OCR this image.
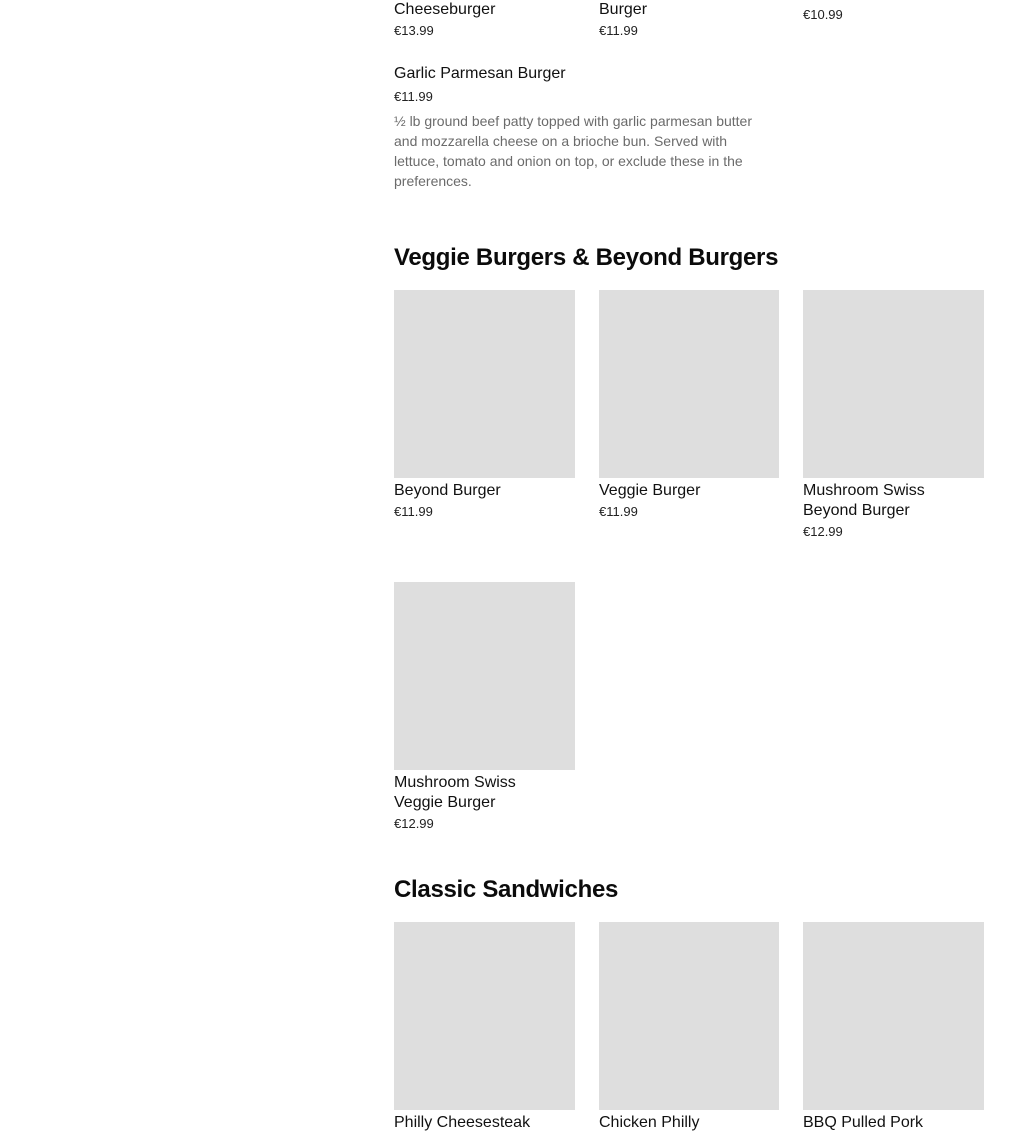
Cheeseburger
€13.99
Burger
€11.99
€10.99
Garlic Parmesan Burger
€11.99
½ lb ground beef patty topped with garlic parmesan butter and mozzarella cheese on a brioche bun. Served with lettuce, tomato and onion on top, or exclude these in the preferences.
Veggie Burgers & Beyond Burgers
Beyond Burger
€11.99
Veggie Burger
€11.99
Mushroom Swiss Beyond Burger
€12.99
Mushroom Swiss Veggie Burger
€12.99
Classic Sandwiches
Philly Cheesesteak	Chicken Philly	BBQ Pulled Pork
